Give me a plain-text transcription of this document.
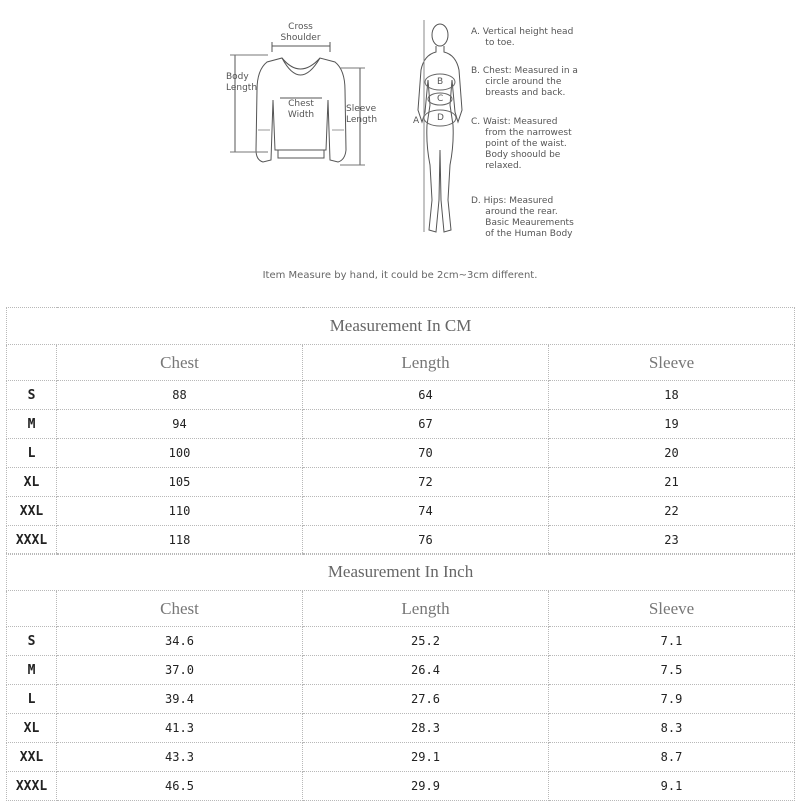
Cross
Shoulder
Body
Length
Chest
Width
Sleeve
Length	A
B
C
D
A. Vertical height head
to toe.
B. Chest: Measured in a
circle around the
breasts and back.
C. Waist: Measured
from the narrowest
point of the waist.
Body shoould be
relaxed.
D. Hips: Measured
around the rear.
Basic Meaurements
of the Human Body
Item Measure by hand, it could be 2cm~3cm different.
Measurement In CM			
	Chest	Length	Sleeve
S	88	64	18
M	94	67	19
L	100	70	20
XL	105	72	21
XXL	110	74	22
XXXL	118	76	23
Measurement In Inch			
	Chest	Length	Sleeve
S	34.6	25.2	7.1
M	37.0	26.4	7.5
L	39.4	27.6	7.9
XL	41.3	28.3	8.3
XXL	43.3	29.1	8.7
XXXL	46.5	29.9	9.1
